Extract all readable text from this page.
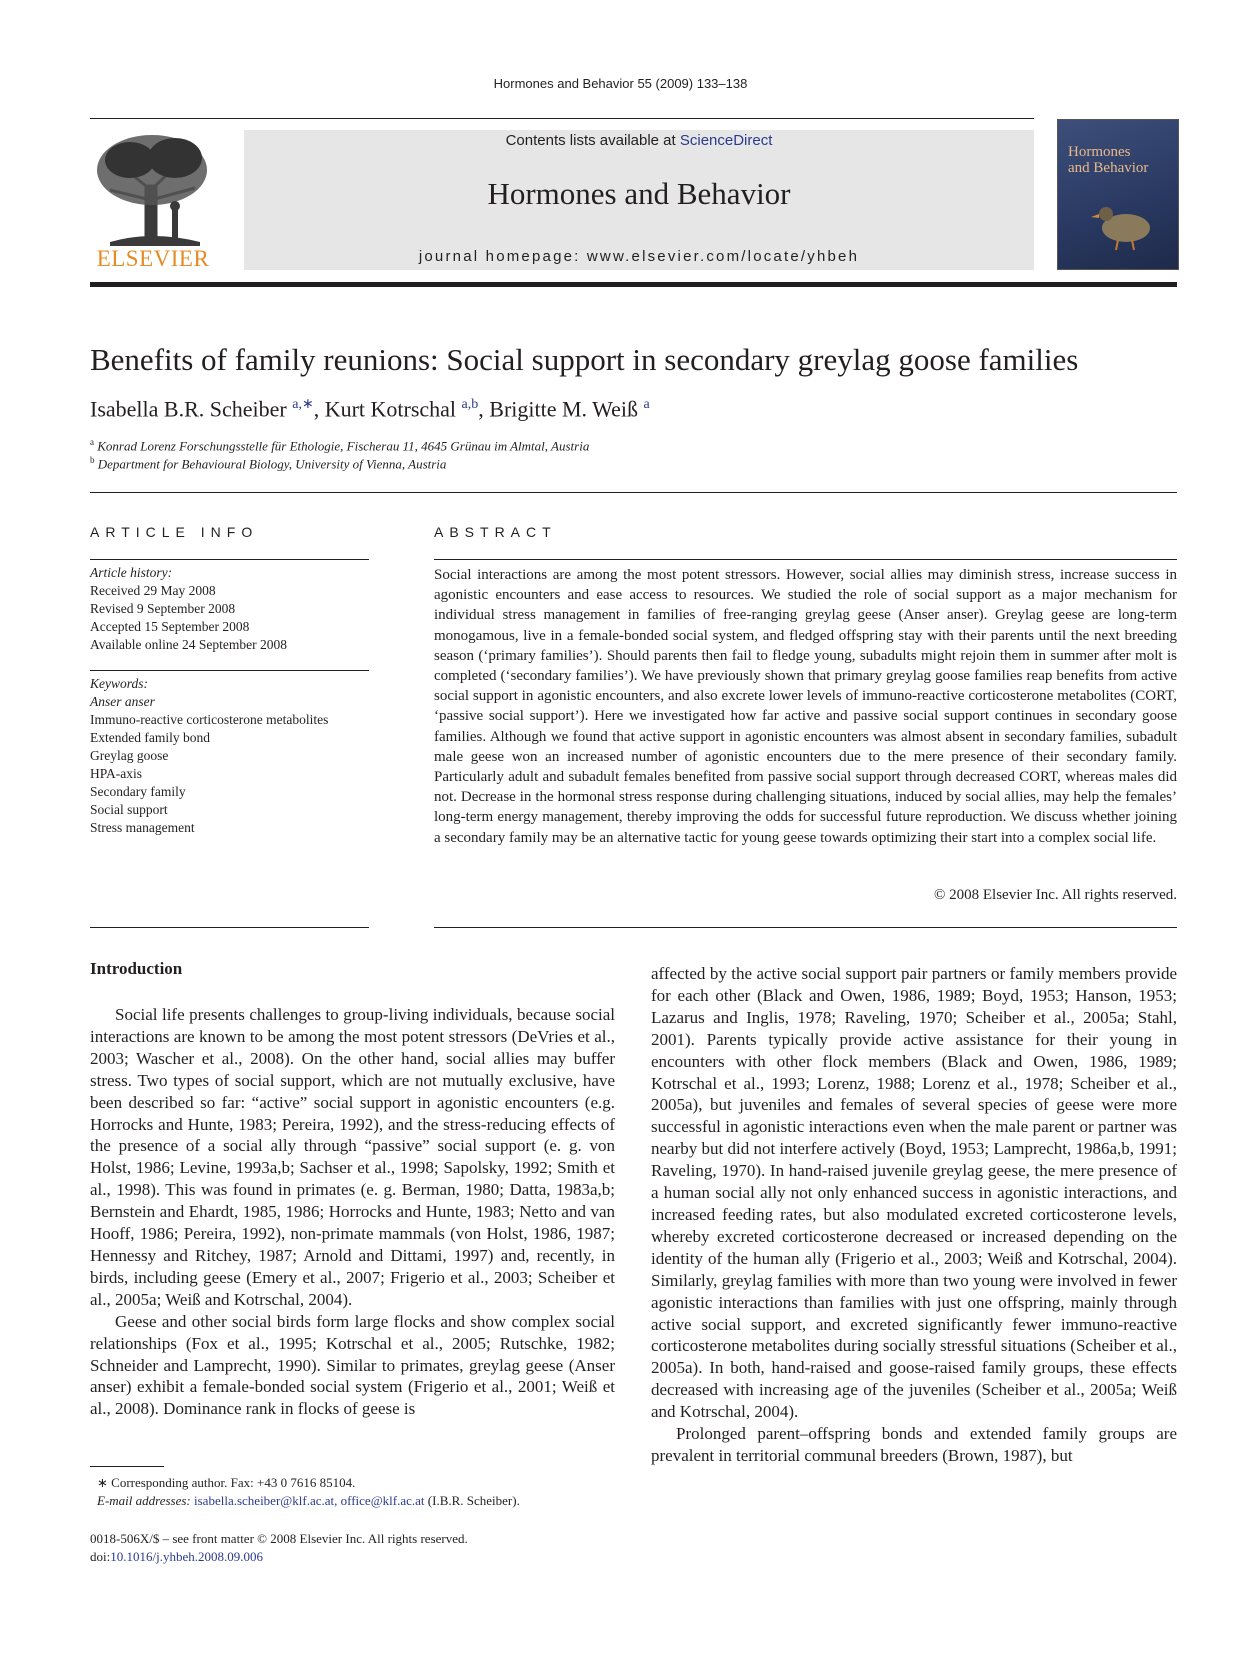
Hormones and Behavior 55 (2009) 133–138
ELSEVIER
Contents lists available at ScienceDirect
Hormones and Behavior
journal homepage: www.elsevier.com/locate/yhbeh
Hormones
and Behavior
Benefits of family reunions: Social support in secondary greylag goose families
Isabella B.R. Scheiber $^{a,∗}$, Kurt Kotrschal $^{a,b}$, Brigitte M. Weiß $^a$
$^a$ Konrad Lorenz Forschungsstelle für Ethologie, Fischerau 11, 4645 Grünau im Almtal, Austria
$^b$ Department for Behavioural Biology, University of Vienna, Austria
ARTICLE INFO	ABSTRACT
Article history:
Received 29 May 2008
Revised 9 September 2008
Accepted 15 September 2008
Available online 24 September 2008
Keywords:
Anser anser
Immuno-reactive corticosterone metabolites
Extended family bond
Greylag goose
HPA-axis
Secondary family
Social support
Stress management
Social interactions are among the most potent stressors. However, social allies may diminish stress, increase success in agonistic encounters and ease access to resources. We studied the role of social support as a major mechanism for individual stress management in families of free-ranging greylag geese (Anser anser). Greylag geese are long-term monogamous, live in a female-bonded social system, and fledged offspring stay with their parents until the next breeding season (‘primary families’). Should parents then fail to fledge young, subadults might rejoin them in summer after molt is completed (‘secondary families’). We have previously shown that primary greylag goose families reap benefits from active social support in agonistic encounters, and also excrete lower levels of immuno-reactive corticosterone metabolites (CORT, ‘passive social support’). Here we investigated how far active and passive social support continues in secondary goose families. Although we found that active support in agonistic encounters was almost absent in secondary families, subadult male geese won an increased number of agonistic encounters due to the mere presence of their secondary family. Particularly adult and subadult females benefited from passive social support through decreased CORT, whereas males did not. Decrease in the hormonal stress response during challenging situations, induced by social allies, may help the females’ long-term energy management, thereby improving the odds for successful future reproduction. We discuss whether joining a secondary family may be an alternative tactic for young geese towards optimizing their start into a complex social life.
© 2008 Elsevier Inc. All rights reserved.
Introduction

Social life presents challenges to group-living individuals, because social interactions are known to be among the most potent stressors (DeVries et al., 2003; Wascher et al., 2008). On the other hand, social allies may buffer stress. Two types of social support, which are not mutually exclusive, have been described so far: “active” social support in agonistic encounters (e.g. Horrocks and Hunte, 1983; Pereira, 1992), and the stress-reducing effects of the presence of a social ally through “passive” social support (e. g. von Holst, 1986; Levine, 1993a,b; Sachser et al., 1998; Sapolsky, 1992; Smith et al., 1998). This was found in primates (e. g. Berman, 1980; Datta, 1983a,b; Bernstein and Ehardt, 1985, 1986; Horrocks and Hunte, 1983; Netto and van Hooff, 1986; Pereira, 1992), non-primate mammals (von Holst, 1986, 1987; Hennessy and Ritchey, 1987; Arnold and Dittami, 1997) and, recently, in birds, including geese (Emery et al., 2007; Frigerio et al., 2003; Scheiber et al., 2005a; Weiß and Kotrschal, 2004).

Geese and other social birds form large flocks and show complex social relationships (Fox et al., 1995; Kotrschal et al., 2005; Rutschke, 1982; Schneider and Lamprecht, 1990). Similar to primates, greylag geese (Anser anser) exhibit a female-bonded social system (Frigerio et al., 2001; Weiß et al., 2008). Dominance rank in flocks of geese is

affected by the active social support pair partners or family members provide for each other (Black and Owen, 1986, 1989; Boyd, 1953; Hanson, 1953; Lazarus and Inglis, 1978; Raveling, 1970; Scheiber et al., 2005a; Stahl, 2001). Parents typically provide active assistance for their young in encounters with other flock members (Black and Owen, 1986, 1989; Kotrschal et al., 1993; Lorenz, 1988; Lorenz et al., 1978; Scheiber et al., 2005a), but juveniles and females of several species of geese were more successful in agonistic interactions even when the male parent or partner was nearby but did not interfere actively (Boyd, 1953; Lamprecht, 1986a,b, 1991; Raveling, 1970). In hand-raised juvenile greylag geese, the mere presence of a human social ally not only enhanced success in agonistic interactions, and increased feeding rates, but also modulated excreted corticosterone levels, whereby excreted corticosterone decreased or increased depending on the identity of the human ally (Frigerio et al., 2003; Weiß and Kotrschal, 2004). Similarly, greylag families with more than two young were involved in fewer agonistic interactions than families with just one offspring, mainly through active social support, and excreted significantly fewer immuno-reactive corticosterone metabolites during socially stressful situations (Scheiber et al., 2005a). In both, hand-raised and goose-raised family groups, these effects decreased with increasing age of the juveniles (Scheiber et al., 2005a; Weiß and Kotrschal, 2004).

Prolonged parent–offspring bonds and extended family groups are prevalent in territorial communal breeders (Brown, 1987), but

∗ Corresponding author. Fax: +43 0 7616 85104.
E-mail addresses: isabella.scheiber@klf.ac.at, office@klf.ac.at (I.B.R. Scheiber).
0018-506X/$ – see front matter © 2008 Elsevier Inc. All rights reserved.
doi:10.1016/j.yhbeh.2008.09.006
